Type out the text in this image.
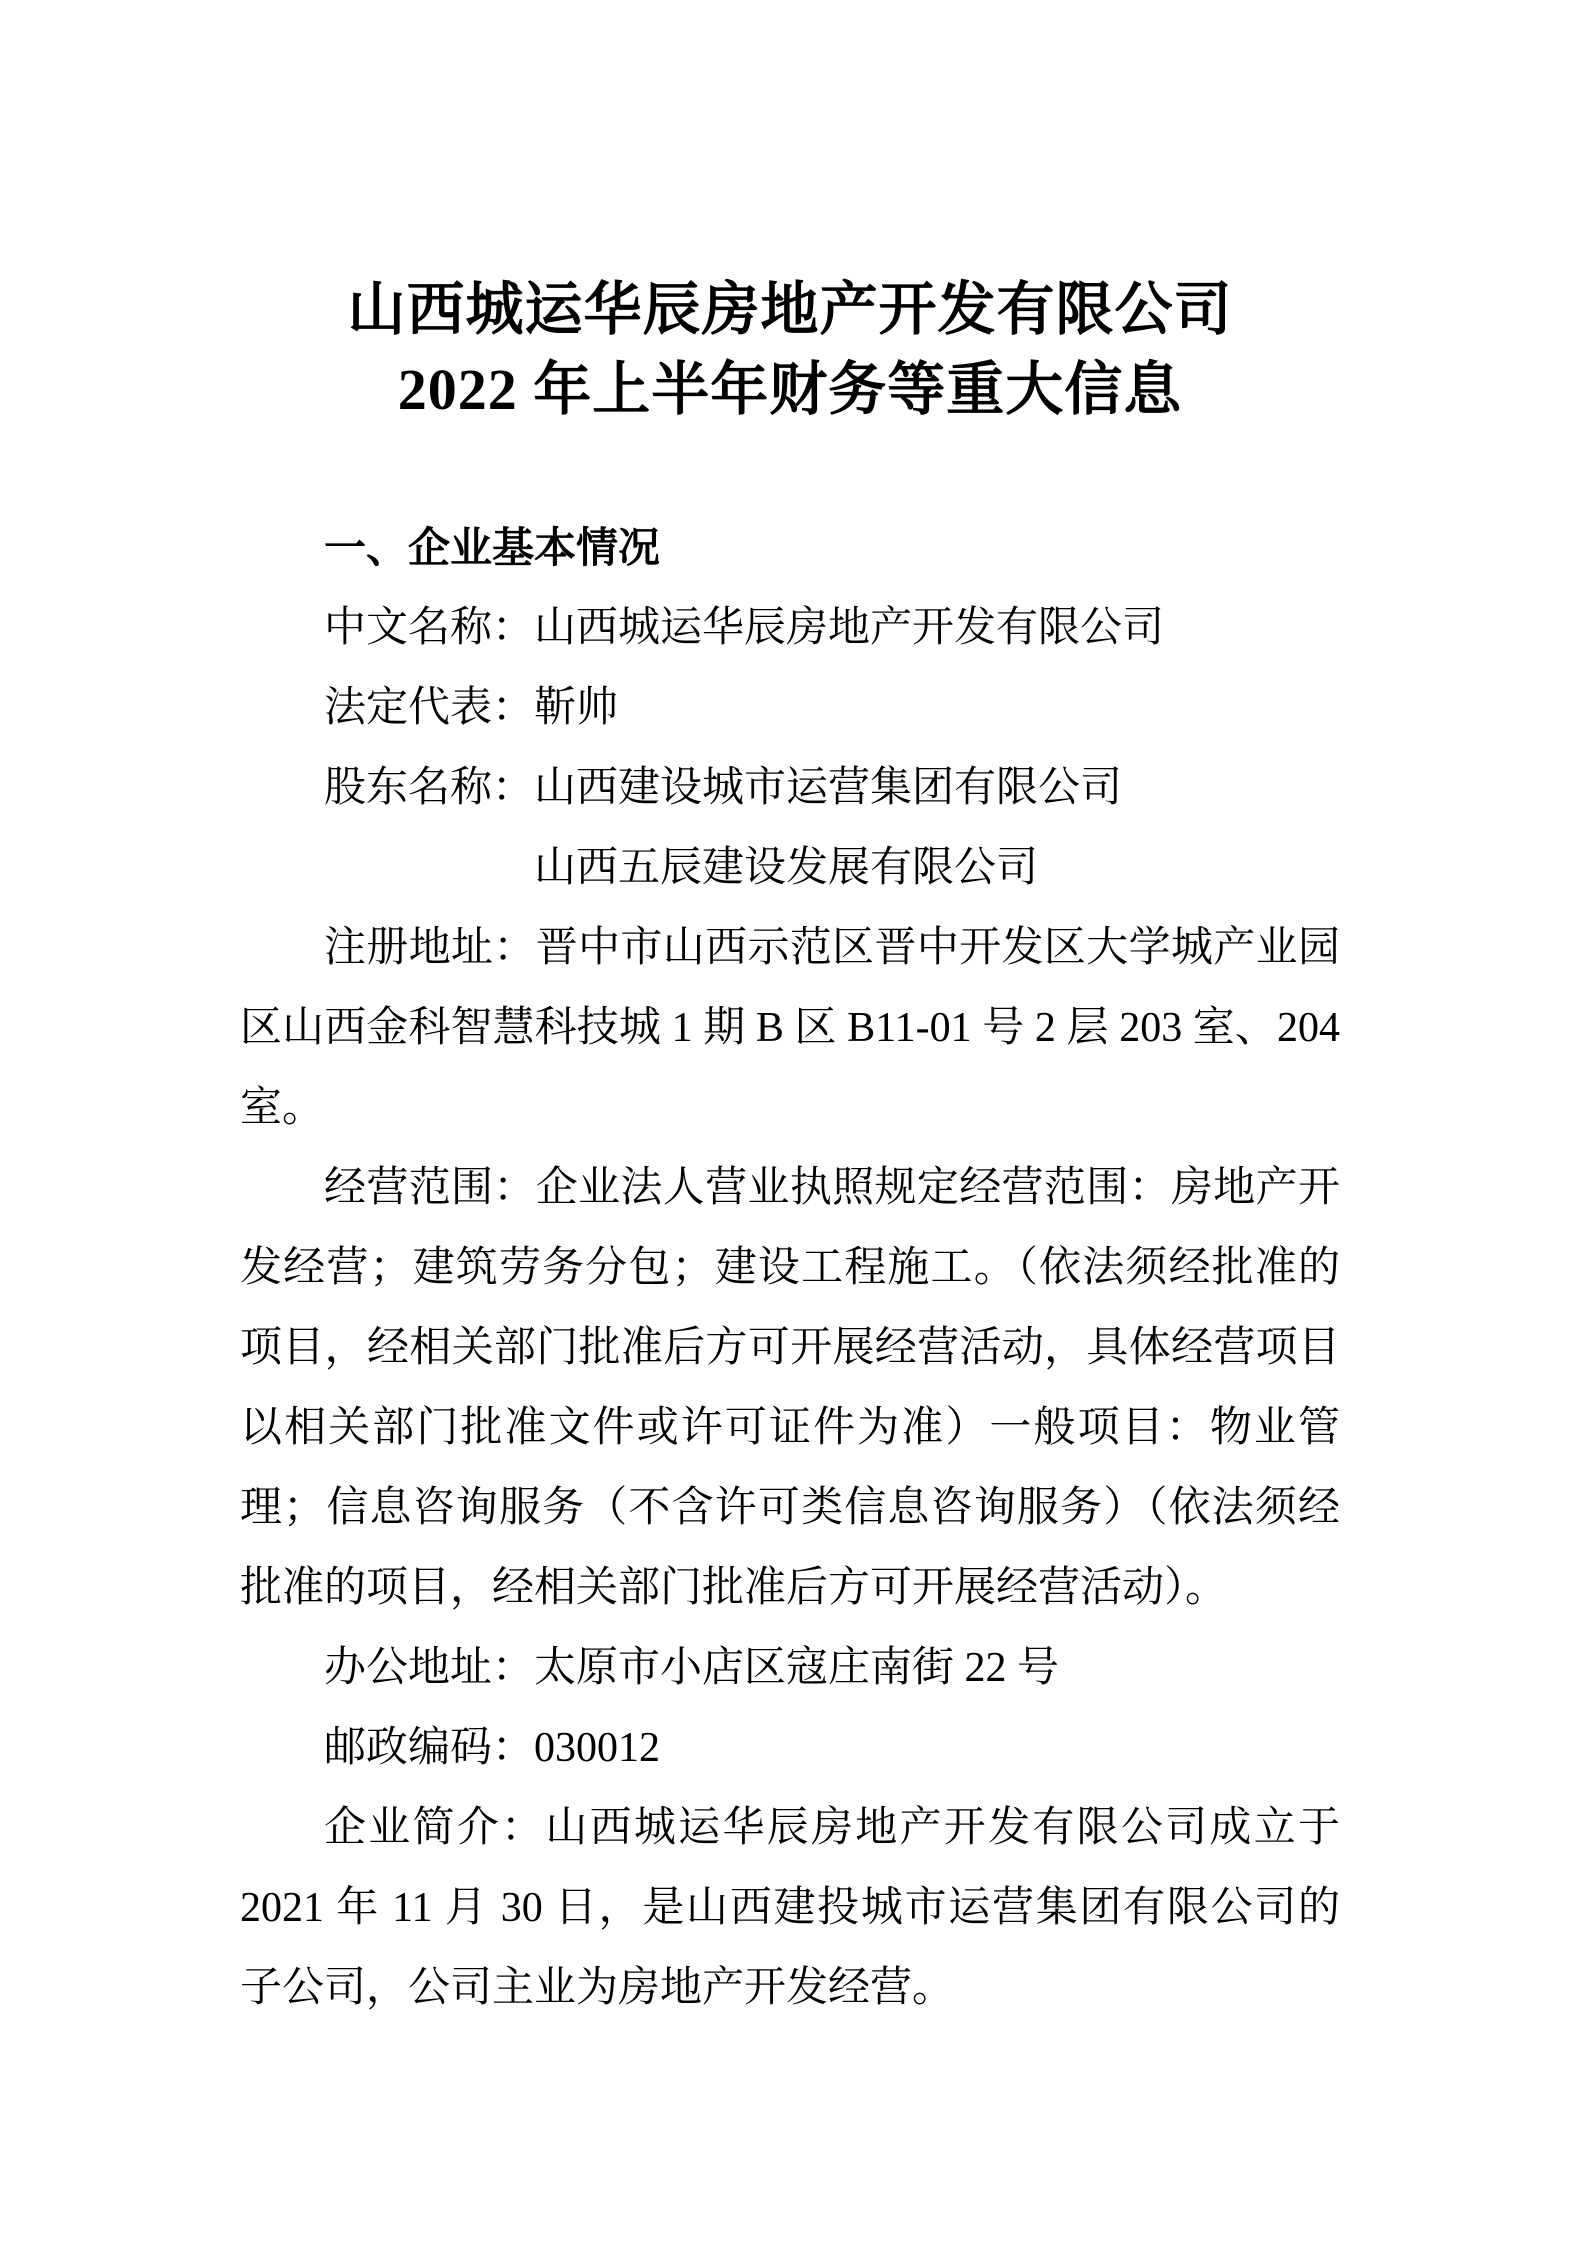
山西城运华辰房地产开发有限公司
2022 年上半年财务等重大信息
一、企业基本情况

中文名称：山西城运华辰房地产开发有限公司

法定代表：靳帅

股东名称：山西建设城市运营集团有限公司

山西五辰建设发展有限公司

注册地址：晋中市山西示范区晋中开发区大学城产业园区山西金科智慧科技城 1 期 B 区 B11-01 号 2 层 203 室、204 室。

经营范围：企业法人营业执照规定经营范围：房地产开发经营；建筑劳务分包；建设工程施工。（依法须经批准的项目，经相关部门批准后方可开展经营活动，具体经营项目以相关部门批准文件或许可证件为准）一般项目：物业管理；信息咨询服务（不含许可类信息咨询服务）（依法须经批准的项目，经相关部门批准后方可开展经营活动）。

办公地址：太原市小店区寇庄南街 22 号

邮政编码：030012

企业简介：山西城运华辰房地产开发有限公司成立于 2021 年 11 月 30 日，是山西建投城市运营集团有限公司的子公司，公司主业为房地产开发经营。
